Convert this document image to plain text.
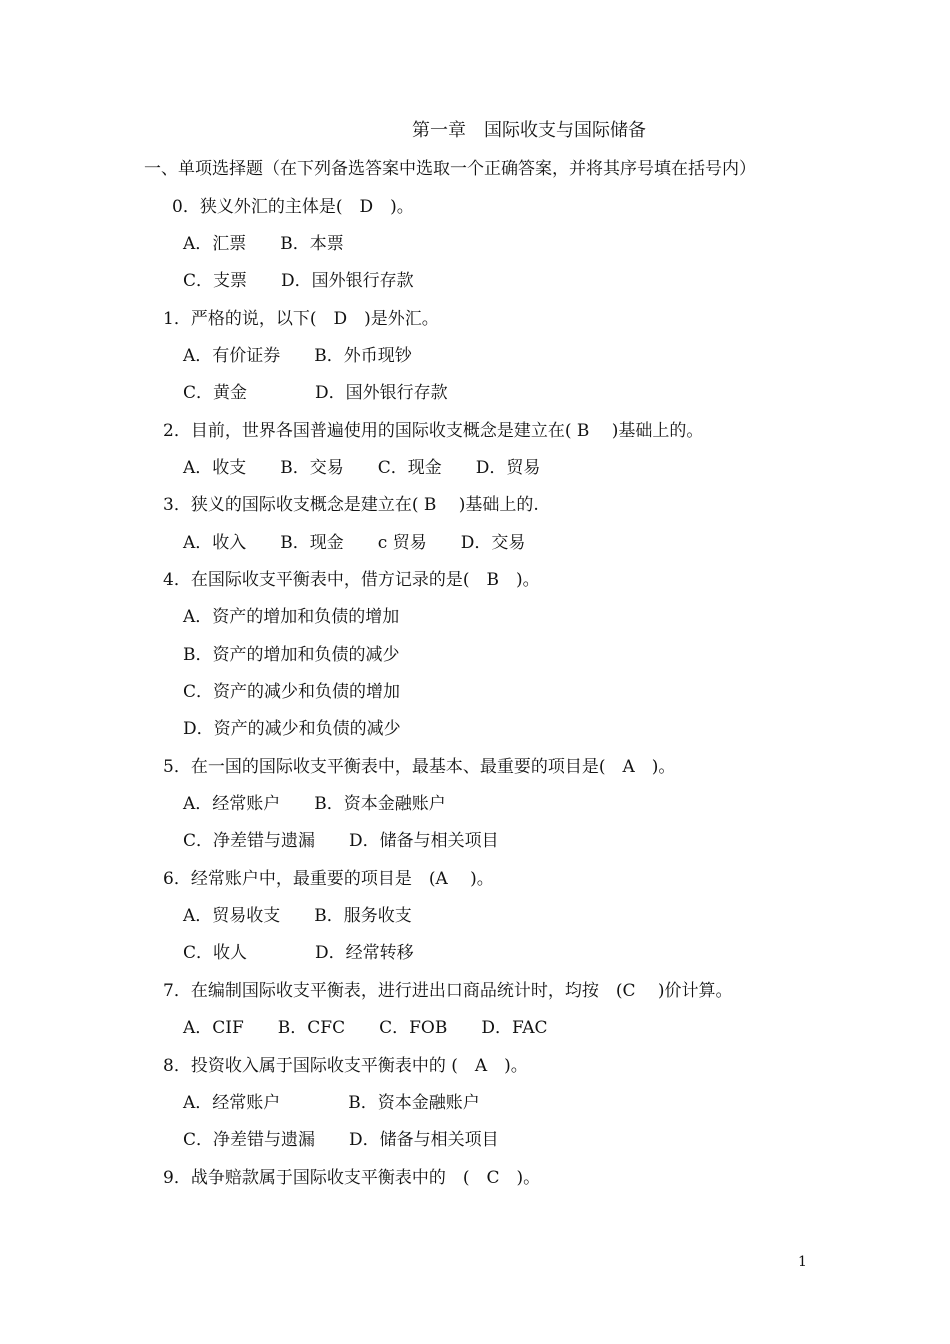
第一章　国际收支与国际储备
一、单项选择题（在下列备选答案中选取一个正确答案，并将其序号填在括号内）
0．狭义外汇的主体是(　D　)。
A．汇票　　B．本票
C．支票　　D．国外银行存款
1．严格的说，以下(　D　)是外汇。
A．有价证券　　B．外币现钞
C．黄金　　　　D．国外银行存款
2．目前，世界各国普遍使用的国际收支概念是建立在( B　 )基础上的。
A．收支　　B．交易　　C．现金　　D．贸易
3．狭义的国际收支概念是建立在( B　 )基础上的.
A．收入　　B．现金　　c 贸易　　D．交易
4．在国际收支平衡表中，借方记录的是(　B　)。
A．资产的增加和负债的增加
B．资产的增加和负债的减少
C．资产的减少和负债的增加
D．资产的减少和负债的减少
5．在一国的国际收支平衡表中，最基本、最重要的项目是(　A　)。
A．经常账户　　B．资本金融账户
C．净差错与遗漏　　D．储备与相关项目
6．经常账户中，最重要的项目是　(A　 )。
A．贸易收支　　B．服务收支
C．收人　　　　D．经常转移
7．在编制国际收支平衡表，进行进出口商品统计时，均按　(C　 )价计算。
A．CIF　　B．CFC　　C．FOB　　D．FAC
8．投资收入属于国际收支平衡表中的 (　A　)。
A．经常账户　　　　B．资本金融账户
C．净差错与遗漏　　D．储备与相关项目
9．战争赔款属于国际收支平衡表中的　(　C　)。
1
